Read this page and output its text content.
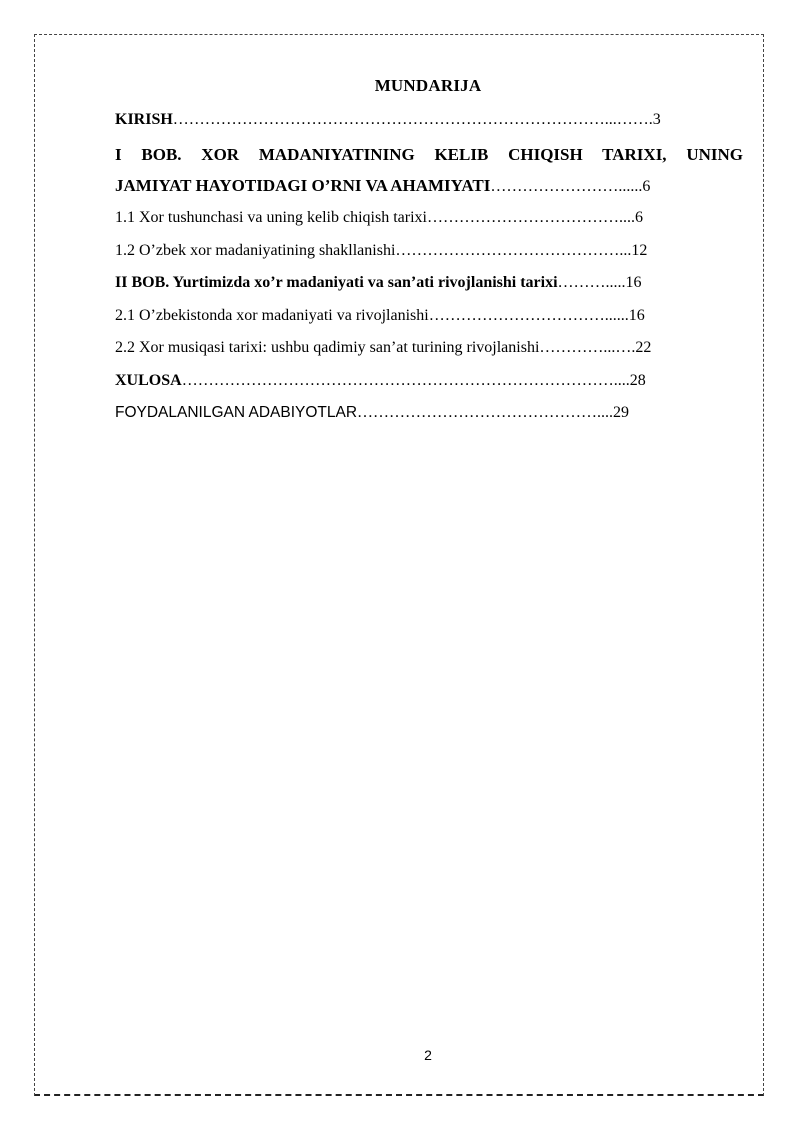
MUNDARIJA
KIRISH………………………………………………………………………...…….3
I BOB. XOR MADANIYATINING KELIB CHIQISH TARIXI, UNING
JAMIYAT HAYOTIDAGI O’RNI VA AHAMIYATI……………………......6
1.1 Xor tushunchasi va uning kelib chiqish tarixi………………………………....6
1.2 O’zbek xor madaniyatining shakllanishi……………………………………...12
II BOB. Yurtimizda xo’r madaniyati va san’ati rivojlanishi tarixi……….....16
2.1 O’zbekistonda xor madaniyati va rivojlanishi……………………………......16
2.2 Xor musiqasi tarixi: ushbu qadimiy san’at turining rivojlanishi…………...….22
XULOSA………………………………………………………………………....28
FOYDALANILGAN ADABIYOTLAR………………………………………....29
2
